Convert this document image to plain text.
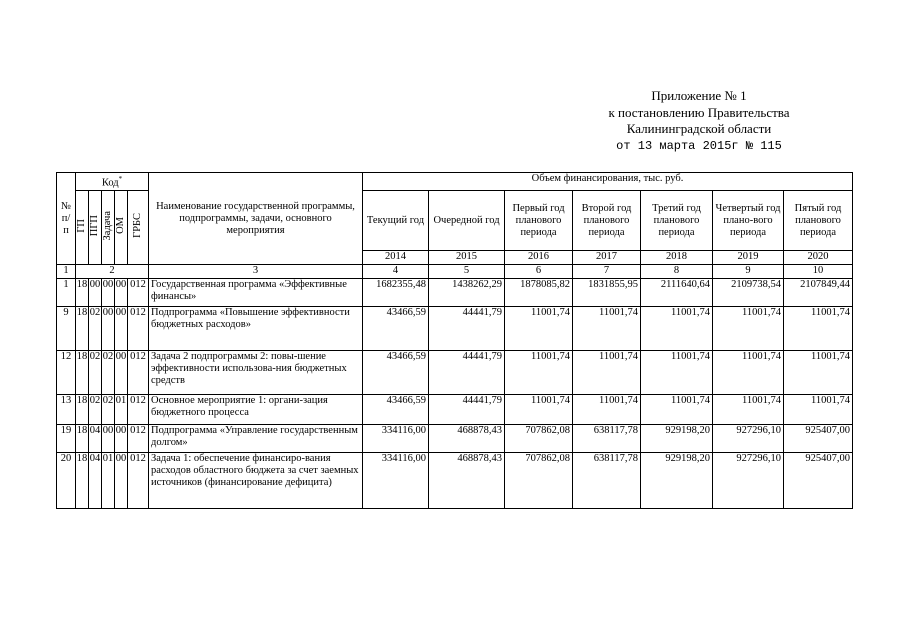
Приложение № 1
к постановлению Правительства
Калининградской области
от 13 марта 2015г № 115
№ п/п	Код*					Наименование государственной программы, подпрограммы, задачи, основного мероприятия	Объем финансирования, тыс. руб.						
	ГП	ПГП	Задача	ОМ	ГРБС		Текущий год	Очередной год	Первый год планового периода	Второй год планового периода	Третий год планового периода	Четвертый год плано-вого периода	Пятый год планового периода
							2014	2015	2016	2017	2018	2019	2020
1	2					3	4	5	6	7	8	9	10
1	18	00	00	00	012	Государственная программа «Эффективные финансы»	1682355,48	1438262,29	1878085,82	1831855,95	2111640,64	2109738,54	2107849,44
9	18	02	00	00	012	Подпрограмма «Повышение эффективности бюджетных расходов»	43466,59	44441,79	11001,74	11001,74	11001,74	11001,74	11001,74
12	18	02	02	00	012	Задача 2 подпрограммы 2: повы-шение эффективности использова-ния бюджетных средств	43466,59	44441,79	11001,74	11001,74	11001,74	11001,74	11001,74
13	18	02	02	01	012	Основное мероприятие 1: органи-зация бюджетного процесса	43466,59	44441,79	11001,74	11001,74	11001,74	11001,74	11001,74
19	18	04	00	00	012	Подпрограмма «Управление государственным долгом»	334116,00	468878,43	707862,08	638117,78	929198,20	927296,10	925407,00
20	18	04	01	00	012	Задача 1: обеспечение финансиро-вания расходов областного бюджета за счет заемных источников (финансирование дефицита)	334116,00	468878,43	707862,08	638117,78	929198,20	927296,10	925407,00
